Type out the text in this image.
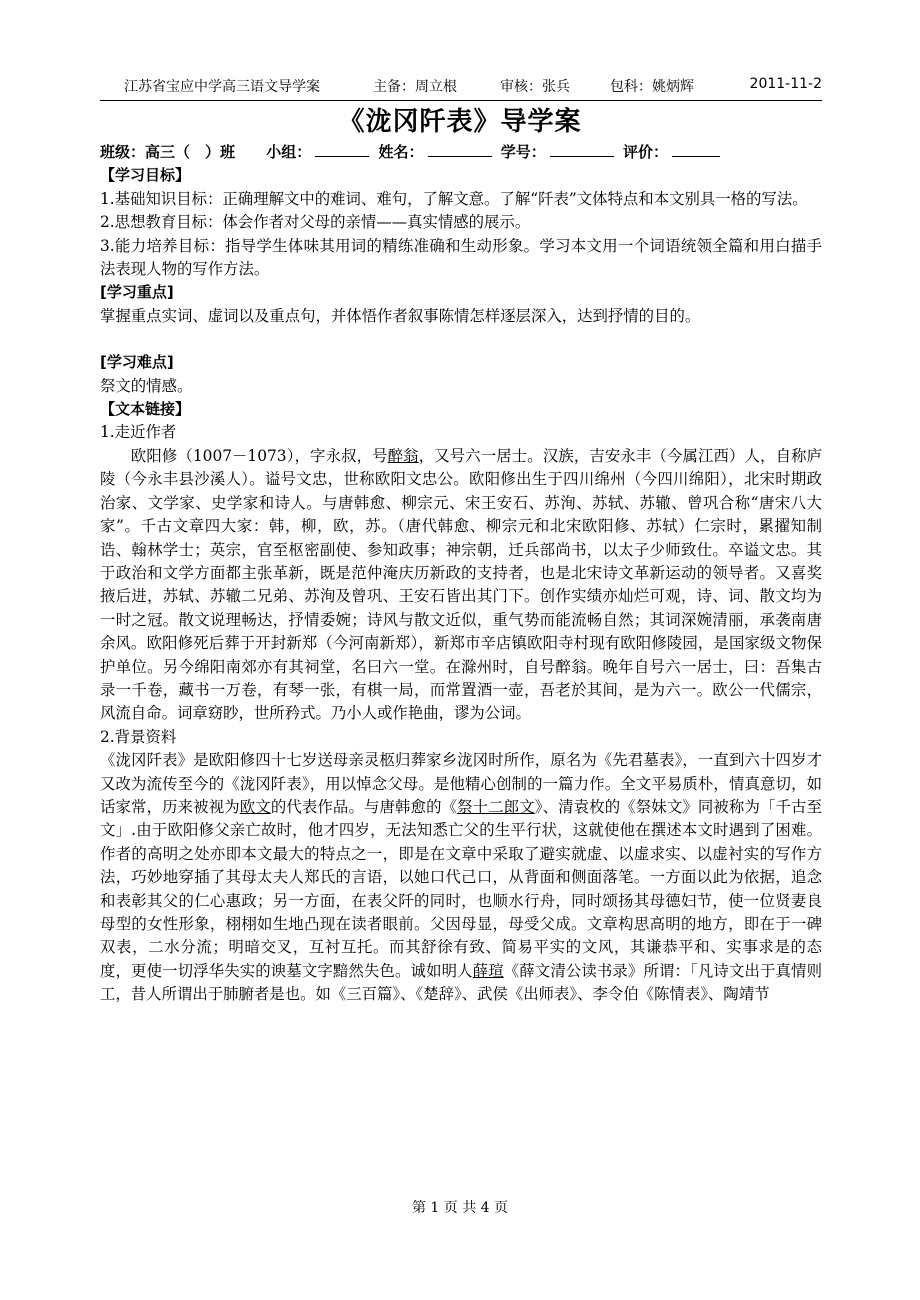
江苏省宝应中学高三语文导学案	主备：周立根	审核：张兵	包科：姚炳辉	2011-11-2
《泷冈阡表》导学案

班级：高三（　）班 小组：	姓名：	学号：	评价：

【学习目标】

1.基础知识目标：正确理解文中的难词、难句，了解文意。了解“阡表”文体特点和本文别具一格的写法。

2.思想教育目标：体会作者对父母的亲情——真实情感的展示。

3.能力培养目标：指导学生体味其用词的精练准确和生动形象。学习本文用一个词语统领全篇和用白描手法表现人物的写作方法。

[学习重点]

掌握重点实词、虚词以及重点句，并体悟作者叙事陈情怎样逐层深入，达到抒情的目的。

[学习难点]

祭文的情感。

【文本链接】

1.走近作者

欧阳修（1007－1073），字永叔，号醉翁，又号六一居士。汉族，吉安永丰（今属江西）人，自称庐陵（今永丰县沙溪人）。谥号文忠，世称欧阳文忠公。欧阳修出生于四川绵州（今四川绵阳），北宋时期政治家、文学家、史学家和诗人。与唐韩愈、柳宗元、宋王安石、苏洵、苏轼、苏辙、曾巩合称“唐宋八大家”。千古文章四大家：韩，柳，欧，苏。（唐代韩愈、柳宗元和北宋欧阳修、苏轼）仁宗时，累擢知制诰、翰林学士；英宗，官至枢密副使、参知政事；神宗朝，迁兵部尚书，以太子少师致仕。卒谥文忠。其于政治和文学方面都主张革新，既是范仲淹庆历新政的支持者，也是北宋诗文革新运动的领导者。又喜奖掖后进，苏轼、苏辙二兄弟、苏洵及曾巩、王安石皆出其门下。创作实绩亦灿烂可观，诗、词、散文均为一时之冠。散文说理畅达，抒情委婉；诗风与散文近似，重气势而能流畅自然；其词深婉清丽，承袭南唐余风。欧阳修死后葬于开封新郑（今河南新郑），新郑市辛店镇欧阳寺村现有欧阳修陵园，是国家级文物保护单位。另今绵阳南郊亦有其祠堂，名曰六一堂。在滁州时，自号醉翁。晚年自号六一居士，曰：吾集古录一千卷，藏书一万卷，有琴一张，有棋一局，而常置酒一壶，吾老於其间，是为六一。欧公一代儒宗，风流自命。词章窈眇，世所矜式。乃小人或作艳曲，谬为公词。

2.背景资料

《泷冈阡表》是欧阳修四十七岁送母亲灵柩归葬家乡泷冈时所作，原名为《先君墓表》，一直到六十四岁才又改为流传至今的《泷冈阡表》，用以悼念父母。是他精心创制的一篇力作。全文平易质朴，情真意切，如话家常，历来被视为欧文的代表作品。与唐韩愈的《祭十二郎文》、清袁枚的《祭妹文》同被称为「千古至文」.由于欧阳修父亲亡故时，他才四岁，无法知悉亡父的生平行状，这就使他在撰述本文时遇到了困难。作者的高明之处亦即本文最大的特点之一，即是在文章中采取了避实就虚、以虚求实、以虚衬实的写作方法，巧妙地穿插了其母太夫人郑氏的言语，以她口代己口，从背面和侧面落笔。一方面以此为依据，追念和表彰其父的仁心惠政；另一方面，在表父阡的同时，也顺水行舟，同时颂扬其母德妇节，使一位贤妻良母型的女性形象，栩栩如生地凸现在读者眼前。父因母显，母受父成。文章构思高明的地方，即在于一碑双表，二水分流；明暗交叉，互衬互托。而其舒徐有致、简易平实的文风，其谦恭平和、实事求是的态度，更使一切浮华失实的谀墓文字黯然失色。诚如明人薛瑄《薛文清公读书录》所谓：「凡诗文出于真情则工，昔人所谓出于肺腑者是也。如《三百篇》、《楚辞》、武侯《出师表》、李令伯《陈情表》、陶靖节

第 1 页 共 4 页
